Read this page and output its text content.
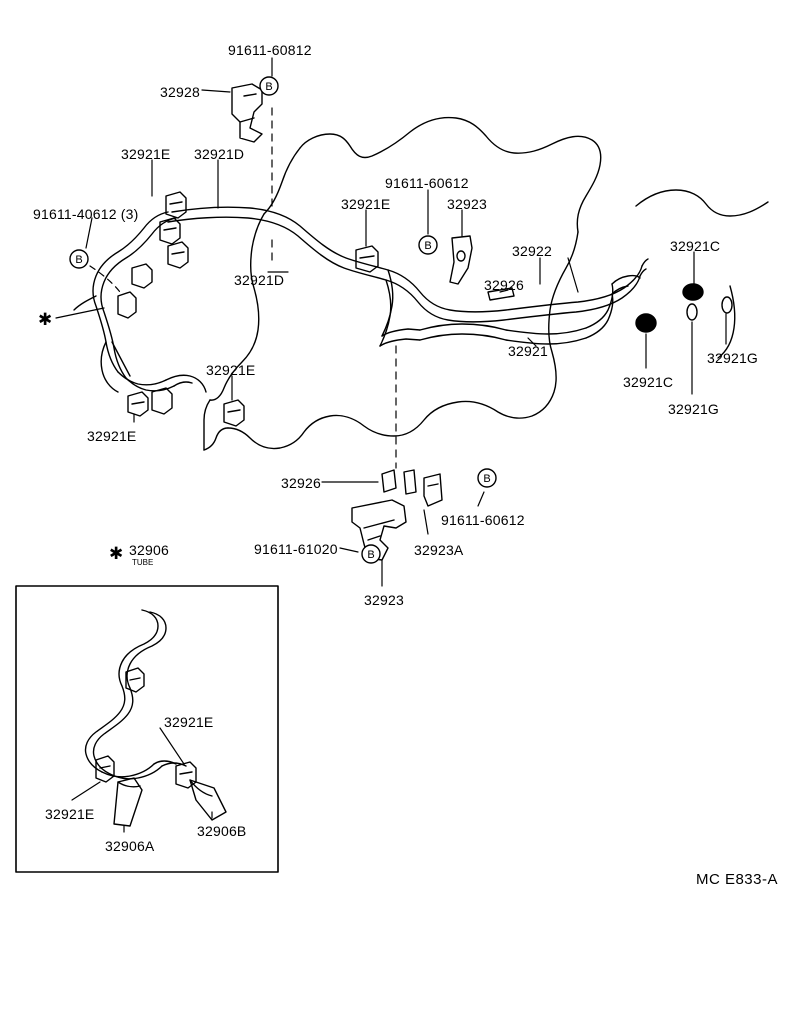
B
B
B
B
B
✱
✱
91611-60812
32928
32921E 32921D
91611-60612
32921E	32923
91611-40612 (3)
32922	32921C
32921D	32926
32921	32921G
32921C
32921G
32921E
32921E
32926
91611-60612
91611-61020	32923A
32923
32906
TUBE
32921E
32921E
32906A
32906B
MC E833-A
